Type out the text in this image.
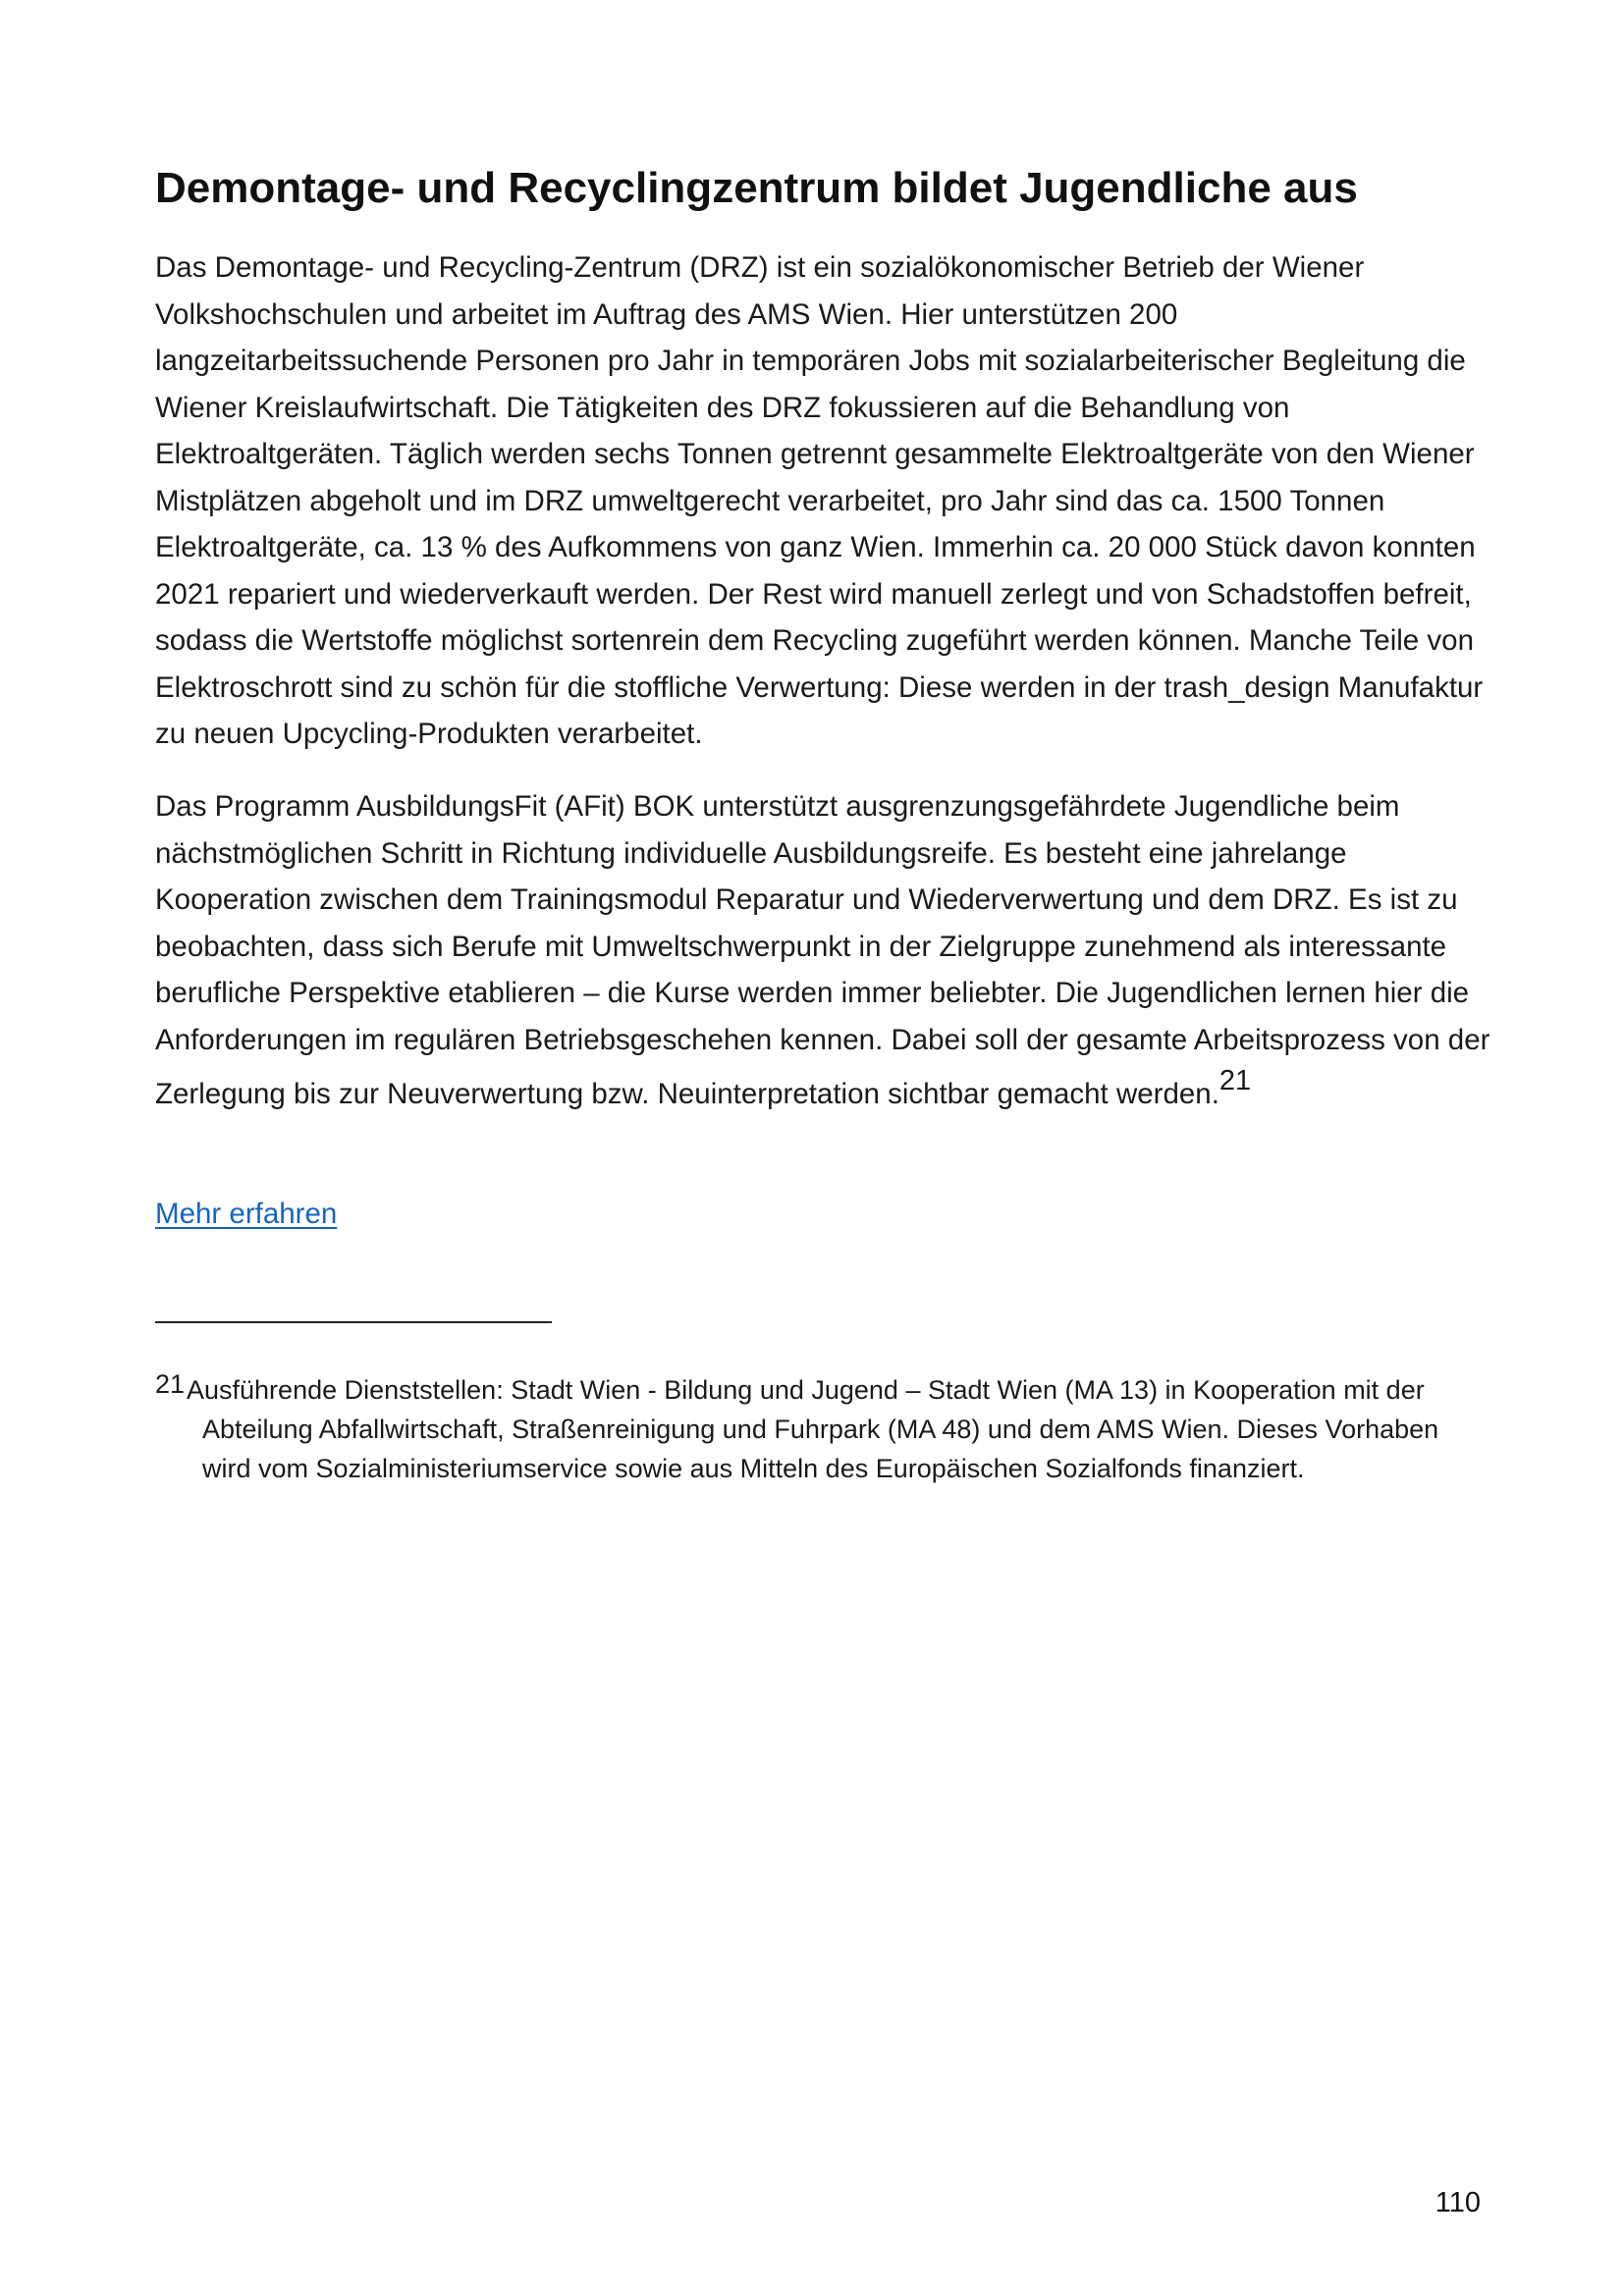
Demontage- und Recyclingzentrum bildet Jugendliche aus

Das Demontage- und Recycling-Zentrum (DRZ) ist ein sozialökonomischer Betrieb der Wiener Volkshochschulen und arbeitet im Auftrag des AMS Wien. Hier unterstützen 200 langzeitarbeitssuchende Personen pro Jahr in temporären Jobs mit sozialarbeiterischer Begleitung die Wiener Kreislaufwirtschaft. Die Tätigkeiten des DRZ fokussieren auf die Behandlung von Elektroaltgeräten. Täglich werden sechs Tonnen getrennt gesammelte Elektroaltgeräte von den Wiener Mistplätzen abgeholt und im DRZ umweltgerecht verarbeitet, pro Jahr sind das ca. 1500 Tonnen Elektroaltgeräte, ca. 13 % des Aufkommens von ganz Wien. Immerhin ca. 20 000 Stück davon konnten 2021 repariert und wiederverkauft werden. Der Rest wird manuell zerlegt und von Schadstoffen befreit, sodass die Wertstoffe möglichst sortenrein dem Recycling zugeführt werden können. Manche Teile von Elektroschrott sind zu schön für die stoffliche Verwertung: Diese werden in der trash_design Manufaktur zu neuen Upcycling-Produkten verarbeitet.

Das Programm AusbildungsFit (AFit) BOK unterstützt ausgrenzungsgefährdete Jugendliche beim nächstmöglichen Schritt in Richtung individuelle Ausbildungsreife. Es besteht eine jahrelange Kooperation zwischen dem Trainingsmodul Reparatur und Wiederverwertung und dem DRZ. Es ist zu beobachten, dass sich Berufe mit Umweltschwerpunkt in der Zielgruppe zunehmend als interessante berufliche Perspektive etablieren – die Kurse werden immer beliebter. Die Jugendlichen lernen hier die Anforderungen im regulären Betriebsgeschehen kennen. Dabei soll der gesamte Arbeitsprozess von der Zerlegung bis zur Neuverwertung bzw. Neuinterpretation sichtbar gemacht werden.$^{21}$

Mehr erfahren
21 Ausführende Dienststellen: Stadt Wien - Bildung und Jugend – Stadt Wien (MA 13) in Kooperation mit der Abteilung Abfallwirtschaft, Straßenreinigung und Fuhrpark (MA 48) und dem AMS Wien. Dieses Vorhaben wird vom Sozialministeriumservice sowie aus Mitteln des Europäischen Sozialfonds finanziert.
110
